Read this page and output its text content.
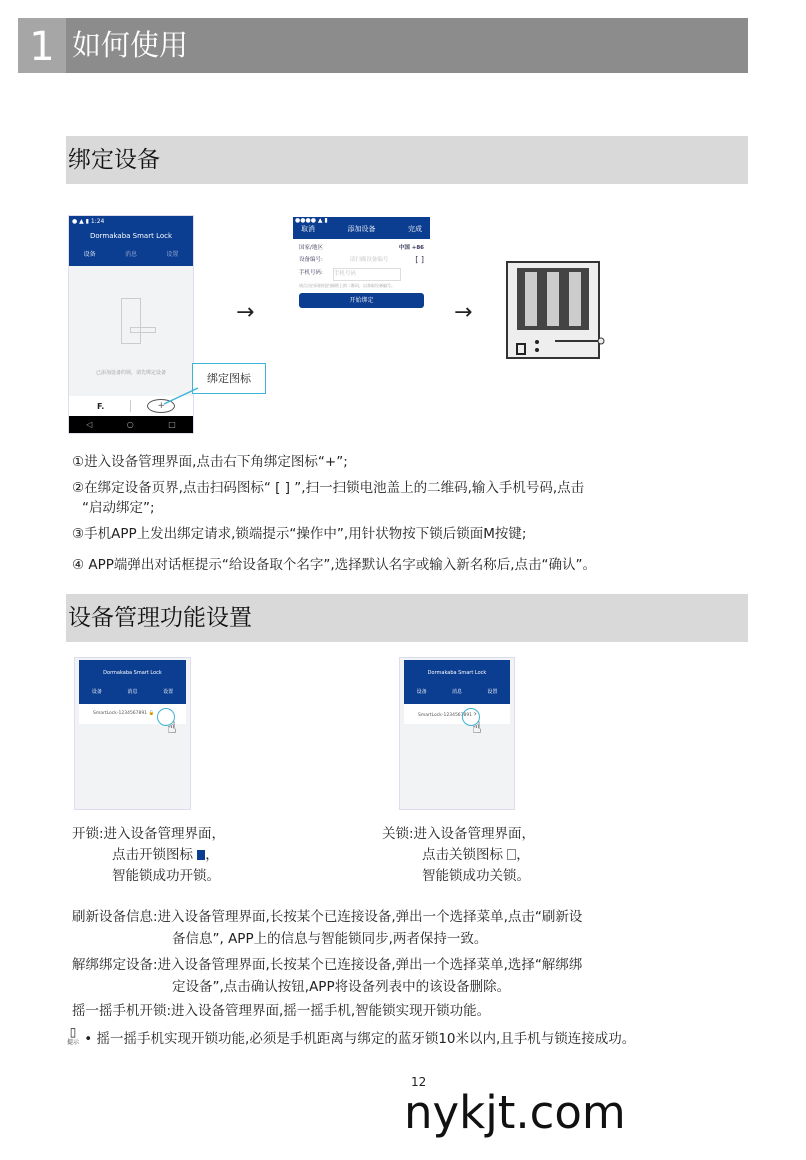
1 如何使用
绑定设备
● ▲ ▮ 1:24
Dormakaba Smart Lock
设备	消息	设置
已添加设备的锁，请先绑定设备
F.	+
◁	○	□
绑定图标
→
●●●● ▲ ▮
取消	添加设备	完成
国家/地区	中国 +86
设备编号:	请扫描设备编号	[ ]
手机号码: 手机号码
请点击扫码按钮扫描锁上的二维码，以获取设备编号。
开始绑定	→
①进入设备管理界面,点击右下角绑定图标“+”;
②在绑定设备页界,点击扫码图标“ [ ] ”,扫一扫锁电池盖上的二维码,输入手机号码,点击
“启动绑定”;
③手机APP上发出绑定请求,锁端提示“操作中”,用针状物按下锁后锁面M按键;
④ APP端弹出对话框提示“给设备取个名字”,选择默认名字或输入新名称后,点击“确认”。
设备管理功能设置
Dormakaba Smart Lock
设备	消息	设置
SmartLock-1234567891 🔓
☝
Dormakaba Smart Lock
设备	消息	设置
SmartLock-1234567891 ›
☝
开锁:进入设备管理界面，
点击开锁图标 ，
智能锁成功开锁。
关锁:进入设备管理界面，
点击关锁图标 ，
智能锁成功关锁。
刷新设备信息:进入设备管理界面,长按某个已连接设备,弹出一个选择菜单,点击“刷新设
备信息”, APP上的信息与智能锁同步,两者保持一致。
解绑绑定设备:进入设备管理界面,长按某个已连接设备,弹出一个选择菜单,选择“解绑绑
定设备”,点击确认按钮,APP将设备列表中的该设备删除。
摇一摇手机开锁:进入设备管理界面,摇一摇手机,智能锁实现开锁功能。
▯
提示 • 摇一摇手机实现开锁功能,必须是手机距离与绑定的蓝牙锁10米以内,且手机与锁连接成功。
12
nykjt.com
